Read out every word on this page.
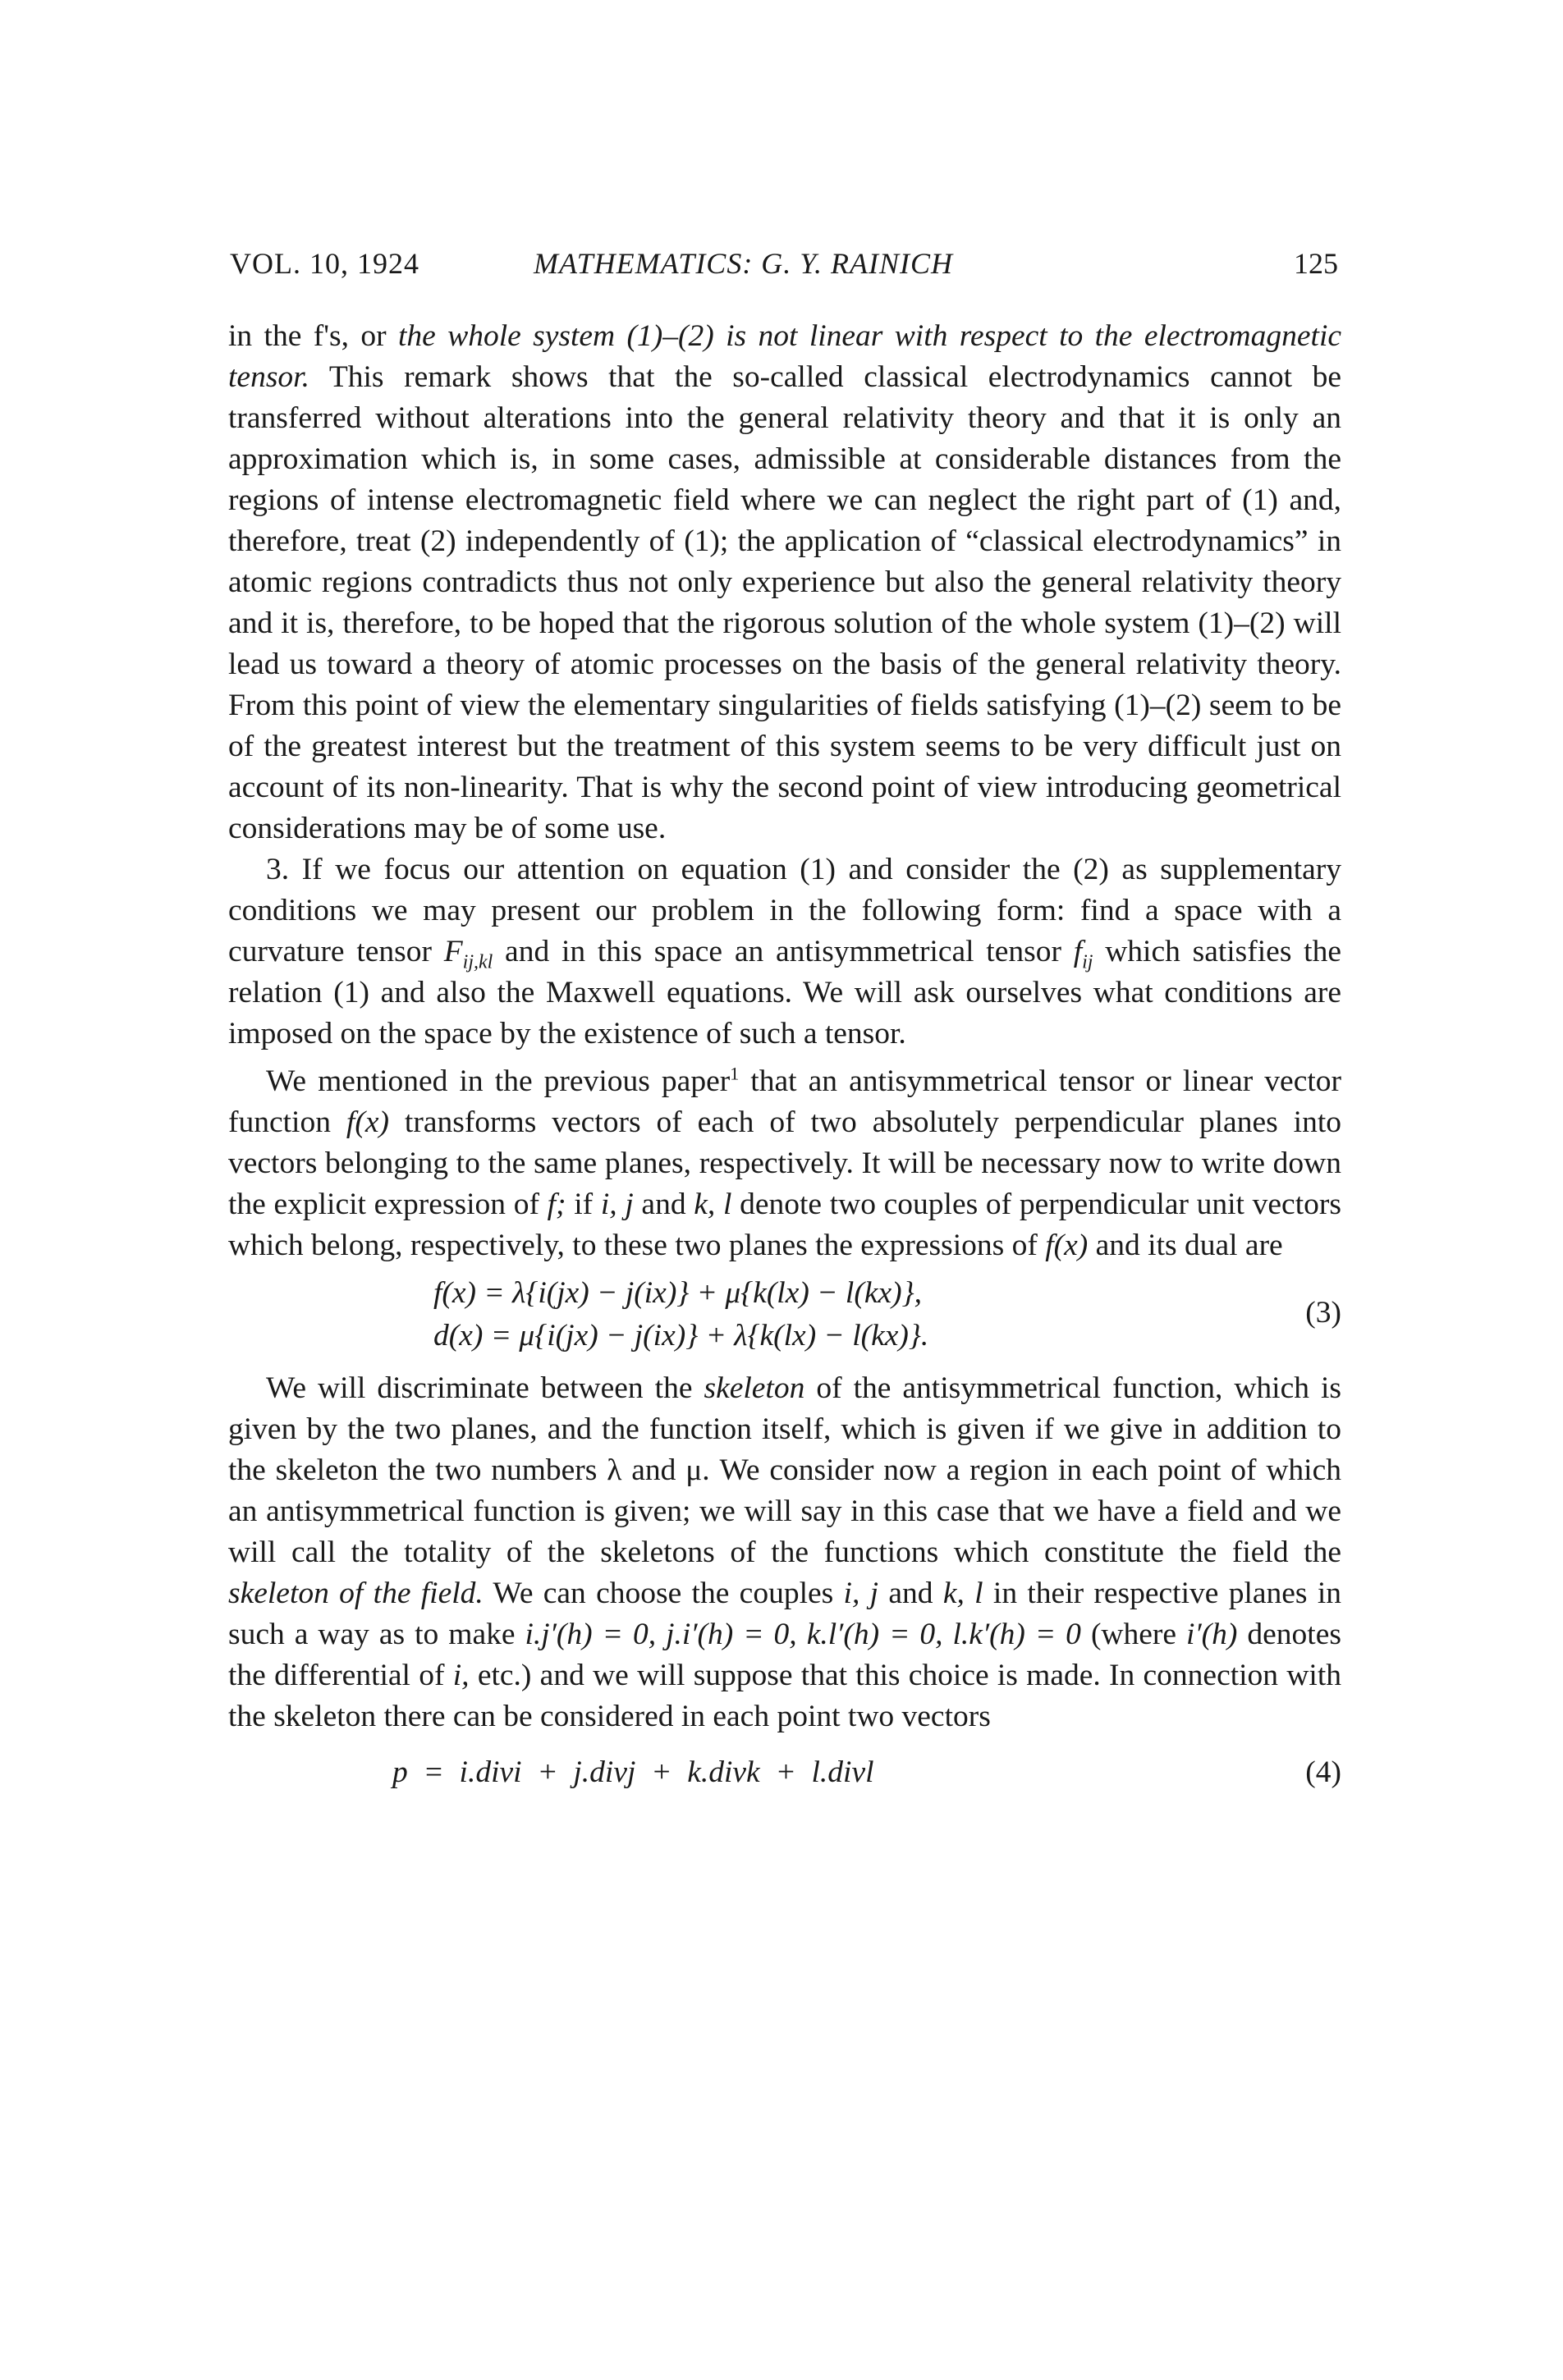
VOL. 10, 1924	MATHEMATICS: G. Y. RAINICH	125

in the f's, or the whole system (1)–(2) is not linear with respect to the electromagnetic tensor. This remark shows that the so-called classical electrodynamics cannot be transferred without alterations into the general relativity theory and that it is only an approximation which is, in some cases, admissible at considerable distances from the regions of intense electromagnetic field where we can neglect the right part of (1) and, therefore, treat (2) independently of (1); the application of “classical electrodynamics” in atomic regions contradicts thus not only experience but also the general relativity theory and it is, therefore, to be hoped that the rigorous solution of the whole system (1)–(2) will lead us toward a theory of atomic processes on the basis of the general relativity theory. From this point of view the elementary singularities of fields satisfying (1)–(2) seem to be of the greatest interest but the treatment of this system seems to be very difficult just on account of its non-linearity. That is why the second point of view introducing geometrical considerations may be of some use.

3. If we focus our attention on equation (1) and consider the (2) as supplementary conditions we may present our problem in the following form: find a space with a curvature tensor $F_{ij,kl}$ and in this space an antisymmetrical tensor $f_{ij}$ which satisfies the relation (1) and also the Maxwell equations. We will ask ourselves what conditions are imposed on the space by the existence of such a tensor.

We mentioned in the previous paper$^1$ that an antisymmetrical tensor or linear vector function f(x) transforms vectors of each of two absolutely perpendicular planes into vectors belonging to the same planes, respectively. It will be necessary now to write down the explicit expression of f; if i, j and k, l denote two couples of perpendicular unit vectors which belong, respectively, to these two planes the expressions of f(x) and its dual are

f(x) = λ{i(jx) − j(ix)} + μ{k(lx) − l(kx)},
d(x) = μ{i(jx) − j(ix)} + λ{k(lx) − l(kx)}.
(3)

We will discriminate between the skeleton of the antisymmetrical function, which is given by the two planes, and the function itself, which is given if we give in addition to the skeleton the two numbers λ and μ. We consider now a region in each point of which an antisymmetrical function is given; we will say in this case that we have a field and we will call the totality of the skeletons of the functions which constitute the field the skeleton of the field. We can choose the couples i, j and k, l in their respective planes in such a way as to make i.j′(h) = 0, j.i′(h) = 0, k.l′(h) = 0, l.k′(h) = 0 (where i′(h) denotes the differential of i, etc.) and we will suppose that this choice is made. In connection with the skeleton there can be considered in each point two vectors

p  =  i.divi  +  j.divj  +  k.divk  +  l.divl	(4)
